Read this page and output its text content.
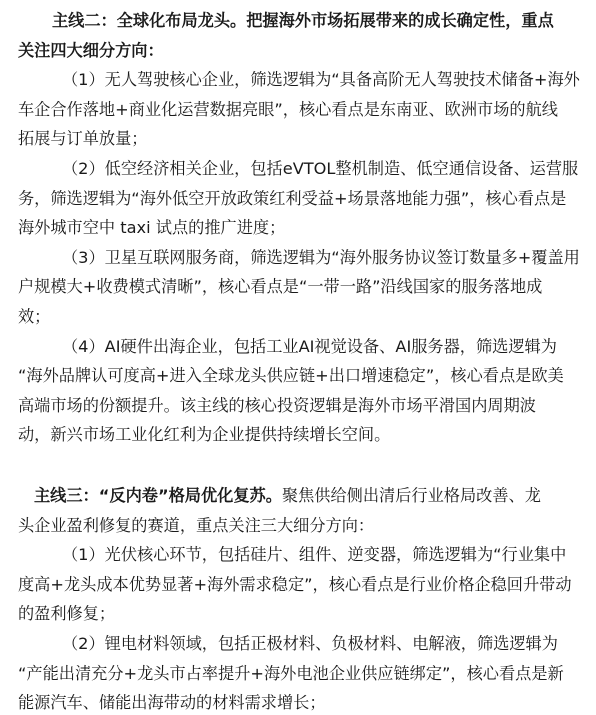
主线二：全球化布局龙头。把握海外市场拓展带来的成长确定性，重点
关注四大细分方向：
（1）无人驾驶核心企业，筛选逻辑为“具备高阶无人驾驶技术储备+海外
车企合作落地+商业化运营数据亮眼”，核心看点是东南亚、欧洲市场的航线
拓展与订单放量；
（2）低空经济相关企业，包括eVTOL整机制造、低空通信设备、运营服
务，筛选逻辑为“海外低空开放政策红利受益+场景落地能力强”，核心看点是
海外城市空中 taxi 试点的推广进度；
（3）卫星互联网服务商，筛选逻辑为“海外服务协议签订数量多+覆盖用
户规模大+收费模式清晰”，核心看点是“一带一路”沿线国家的服务落地成
效；
（4）AI硬件出海企业，包括工业AI视觉设备、AI服务器，筛选逻辑为
“海外品牌认可度高+进入全球龙头供应链+出口增速稳定”，核心看点是欧美
高端市场的份额提升。该主线的核心投资逻辑是海外市场平滑国内周期波
动，新兴市场工业化红利为企业提供持续增长空间。
主线三：“反内卷”格局优化复苏。聚焦供给侧出清后行业格局改善、龙
头企业盈利修复的赛道，重点关注三大细分方向：
（1）光伏核心环节，包括硅片、组件、逆变器，筛选逻辑为“行业集中
度高+龙头成本优势显著+海外需求稳定”，核心看点是行业价格企稳回升带动
的盈利修复；
（2）锂电材料领域，包括正极材料、负极材料、电解液，筛选逻辑为
“产能出清充分+龙头市占率提升+海外电池企业供应链绑定”，核心看点是新
能源汽车、储能出海带动的材料需求增长；
